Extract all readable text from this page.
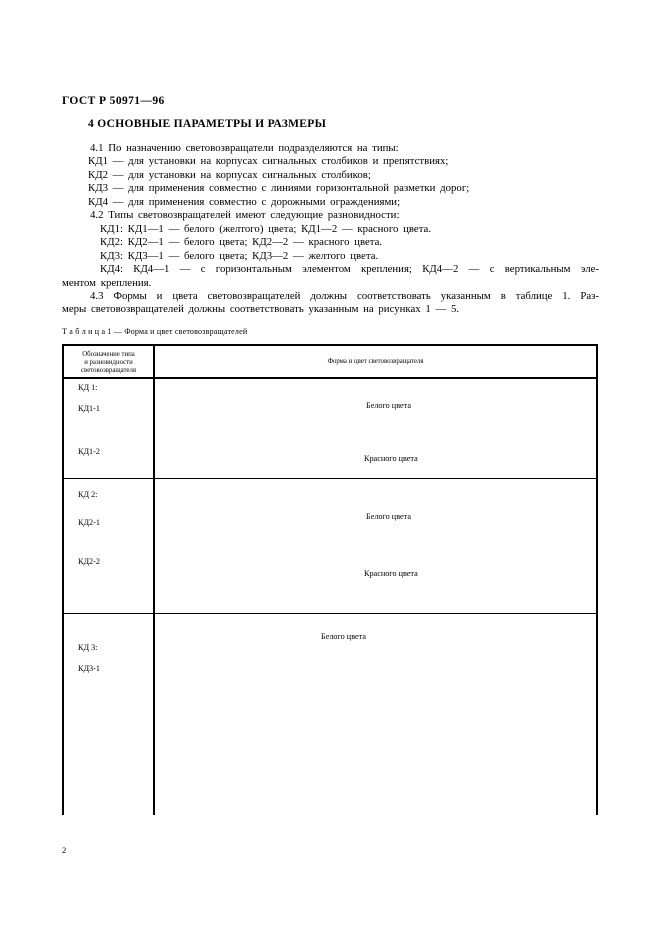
ГОСТ Р 50971—96
4 ОСНОВНЫЕ ПАРАМЕТРЫ И РАЗМЕРЫ
4.1 По назначению световозвращатели подразделяются на типы:
КД1 — для установки на корпусах сигнальных столбиков и препятствиях;
КД2 — для установки на корпусах сигнальных столбиков;
КД3 — для применения совместно с линиями горизонтальной разметки дорог;
КД4 — для применения совместно с дорожными ограждениями;
4.2 Типы световозвращателей имеют следующие разновидности:
КД1: КД1—1 — белого (желтого) цвета; КД1—2 — красного цвета.
КД2: КД2—1 — белого цвета; КД2—2 — красного цвета.
КД3: КД3—1 — белого цвета; КД3—2 — желтого цвета.
КД4: КД4—1 — с горизонтальным элементом крепления; КД4—2 — с вертикальным эле-
ментом крепления.
4.3 Формы и цвета световозвращателей должны соответствовать указанным в таблице 1. Раз-
меры световозвращателей должны соответствовать указанным на рисунках 1 — 5.
Т а б л и ц а 1 — Форма и цвет световозвращателей
Обозначение типа
и разновидности
световозвращателя
Форма и цвет световозвращателя
КД 1:
КД1-1	Белого цвета
КД1-2
Красного цвета
КД 2:
КД2-1
Белого цвета
КД2-2
Красного цвета
Белого цвета
КД 3:
КД3-1
2
